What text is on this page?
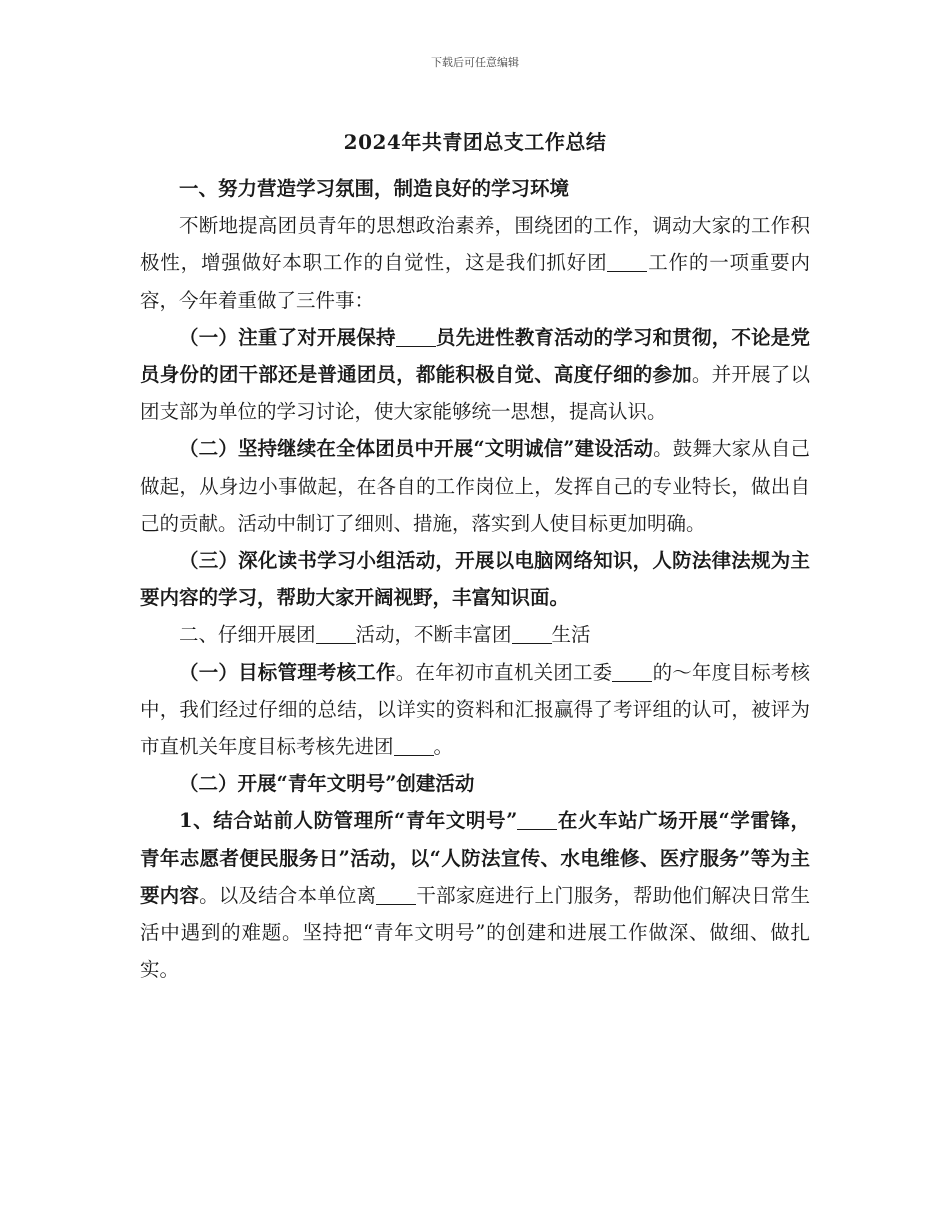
下载后可任意编辑
2024年共青团总支工作总结

一、努力营造学习氛围，制造良好的学习环境

不断地提高团员青年的思想政治素养，围绕团的工作，调动大家的工作积极性，增强做好本职工作的自觉性，这是我们抓好团 工作的一项重要内容，今年着重做了三件事：

（一）注重了对开展保持 员先进性教育活动的学习和贯彻，不论是党员身份的团干部还是普通团员，都能积极自觉、高度仔细的参加。并开展了以团支部为单位的学习讨论，使大家能够统一思想，提高认识。

（二）坚持继续在全体团员中开展“文明诚信”建设活动。鼓舞大家从自己做起，从身边小事做起，在各自的工作岗位上，发挥自己的专业特长，做出自己的贡献。活动中制订了细则、措施，落实到人使目标更加明确。

（三）深化读书学习小组活动，开展以电脑网络知识，人防法律法规为主要内容的学习，帮助大家开阔视野，丰富知识面。

二、仔细开展团 活动，不断丰富团 生活

（一）目标管理考核工作。在年初市直机关团工委 的～年度目标考核中，我们经过仔细的总结，以详实的资料和汇报赢得了考评组的认可，被评为市直机关年度目标考核先进团 。

（二）开展“青年文明号”创建活动

1、结合站前人防管理所“青年文明号” 在火车站广场开展“学雷锋，青年志愿者便民服务日”活动，以“人防法宣传、水电维修、医疗服务”等为主要内容。以及结合本单位离 干部家庭进行上门服务，帮助他们解决日常生活中遇到的难题。坚持把“青年文明号”的创建和进展工作做深、做细、做扎实。
